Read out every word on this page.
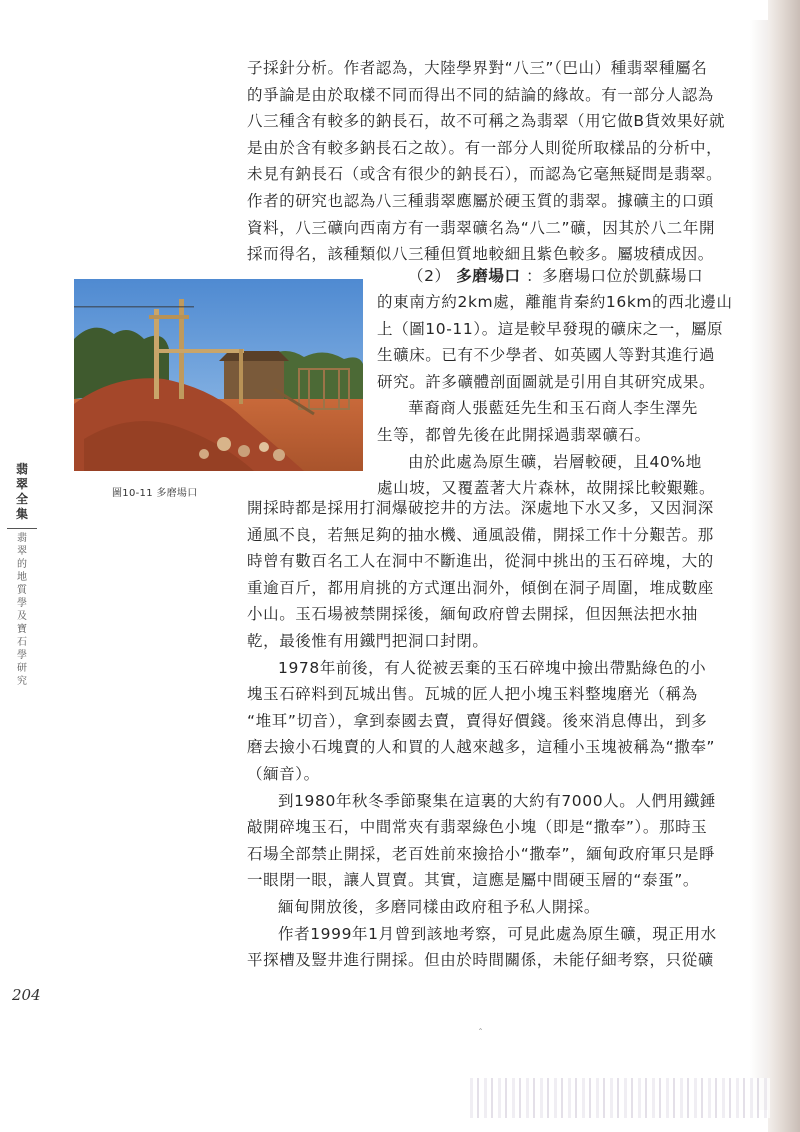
子採針分析。作者認為，大陸學界對“八三”（巴山）種翡翠種屬名
的爭論是由於取樣不同而得出不同的結論的緣故。有一部分人認為
八三種含有較多的鈉長石，故不可稱之為翡翠（用它做B貨效果好就
是由於含有較多鈉長石之故）。有一部分人則從所取樣品的分析中，
未見有鈉長石（或含有很少的鈉長石），而認為它毫無疑問是翡翠。
作者的研究也認為八三種翡翠應屬於硬玉質的翡翠。據礦主的口頭
資料，八三礦向西南方有一翡翠礦名為“八二”礦，因其於八二年開
採而得名，該種類似八三種但質地較細且紫色較多。屬坡積成因。
（2） 多磨場口 ：多磨場口位於凱蘇場口
的東南方約2km處，離龍肯秦約16km的西北邊山
上（圖10-11）。這是較早發現的礦床之一，屬原
生礦床。已有不少學者、如英國人等對其進行過
研究。許多礦體剖面圖就是引用自其研究成果。
華裔商人張藍廷先生和玉石商人李生澤先
生等，都曾先後在此開採過翡翠礦石。
由於此處為原生礦，岩層較硬，且40%地
處山坡，又覆蓋著大片森林，故開採比較艱難。
開採時都是採用打洞爆破挖井的方法。深處地下水又多，又因洞深
通風不良，若無足夠的抽水機、通風設備，開採工作十分艱苦。那
時曾有數百名工人在洞中不斷進出，從洞中挑出的玉石碎塊，大的
重逾百斤，都用肩挑的方式運出洞外，傾倒在洞子周圍，堆成數座
小山。玉石場被禁開採後，緬甸政府曾去開採，但因無法把水抽
乾，最後惟有用鐵門把洞口封閉。
1978年前後，有人從被丟棄的玉石碎塊中撿出帶點綠色的小
塊玉石碎料到瓦城出售。瓦城的匠人把小塊玉料整塊磨光（稱為
“堆耳”切音），拿到泰國去賣，賣得好價錢。後來消息傳出，到多
磨去撿小石塊賣的人和買的人越來越多，這種小玉塊被稱為“撒奉”
（緬音）。
到1980年秋冬季節聚集在這裏的大約有7000人。人們用鐵錘
敲開碎塊玉石，中間常夾有翡翠綠色小塊（即是“撒奉”）。那時玉
石場全部禁止開採，老百姓前來撿拾小“撒奉”，緬甸政府軍只是睜
一眼閉一眼，讓人買賣。其實，這應是屬中間硬玉層的“泰蛋”。
緬甸開放後，多磨同樣由政府租予私人開採。
作者1999年1月曾到該地考察，可見此處為原生礦，現正用水
平探槽及豎井進行開採。但由於時間關係，未能仔細考察，只從礦
圖10-11 多磨場口
翡
翠
全
集
翡
翠
的
地
質
學
及
寶
石
學
研
究
204
ˆ
